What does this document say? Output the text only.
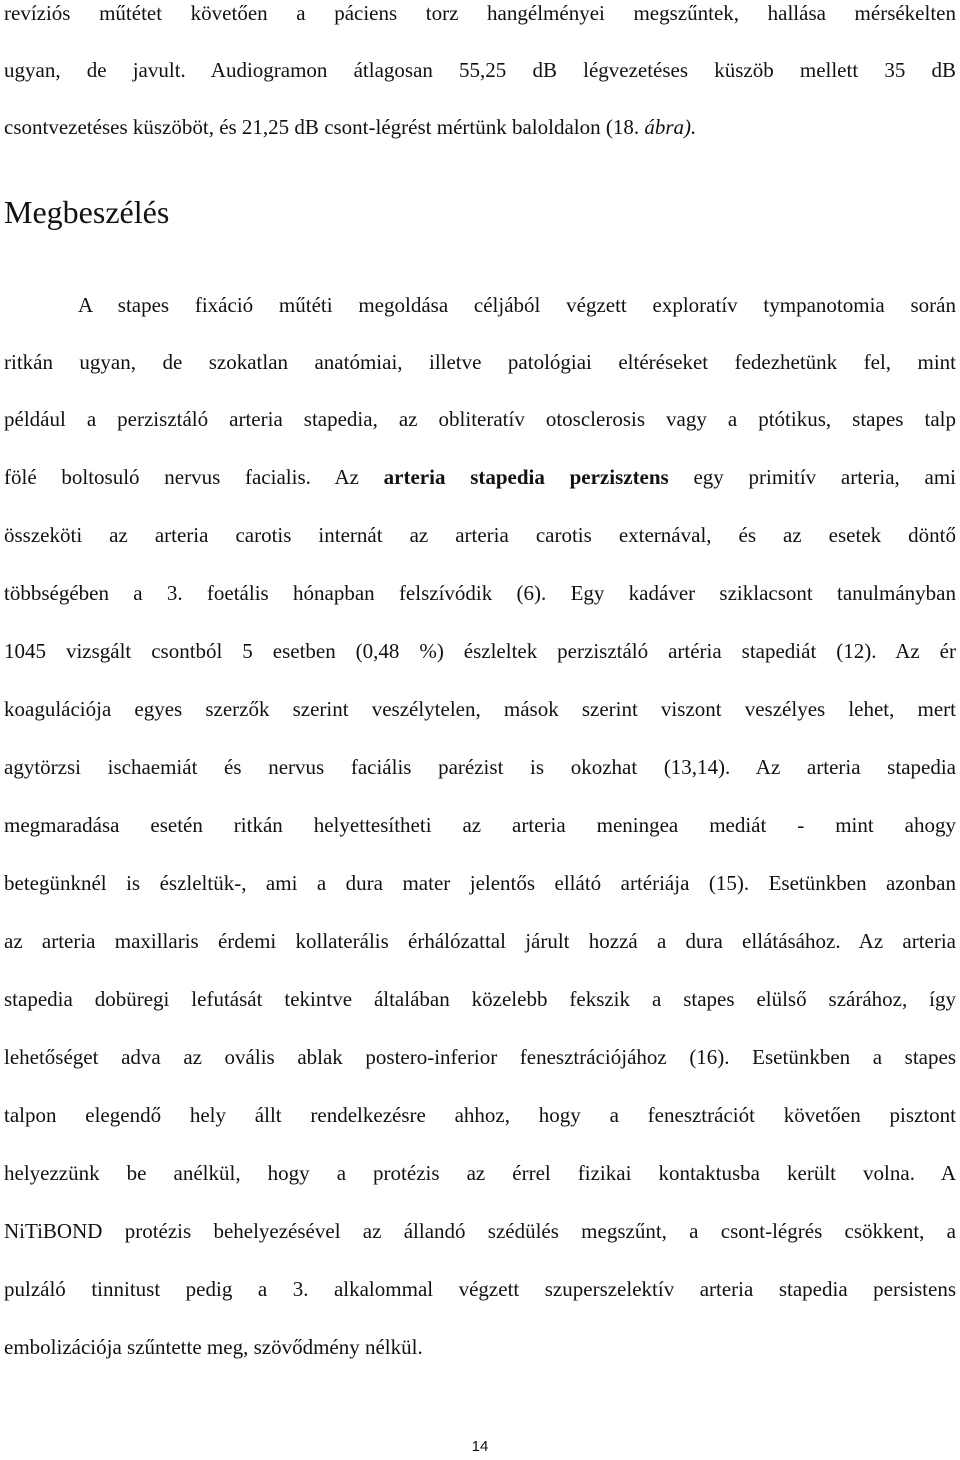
revíziós műtétet követően a páciens torz hangélményei megszűntek, hallása mérsékelten
ugyan, de javult. Audiogramon átlagosan 55,25 dB légvezetéses küszöb mellett 35 dB
csontvezetéses küszöböt, és 21,25 dB csont-légrést mértünk baloldalon (18. ábra).
Megbeszélés
A stapes fixáció műtéti megoldása céljából végzett exploratív tympanotomia során
ritkán ugyan, de szokatlan anatómiai, illetve patológiai eltéréseket fedezhetünk fel, mint
például a perzisztáló arteria stapedia, az obliteratív otosclerosis vagy a ptótikus, stapes talp
fölé boltosuló nervus facialis. Az arteria stapedia perzisztens egy primitív arteria, ami
összeköti az arteria carotis internát az arteria carotis externával, és az esetek döntő
többségében a 3. foetális hónapban felszívódik (6). Egy kadáver sziklacsont tanulmányban
1045 vizsgált csontból 5 esetben (0,48 %) észleltek perzisztáló artéria stapediát (12). Az ér
koagulációja egyes szerzők szerint veszélytelen, mások szerint viszont veszélyes lehet, mert
agytörzsi ischaemiát és nervus faciális parézist is okozhat (13,14). Az arteria stapedia
megmaradása esetén ritkán helyettesítheti az arteria meningea mediát - mint ahogy
betegünknél is észleltük-, ami a dura mater jelentős ellátó artériája (15). Esetünkben azonban
az arteria maxillaris érdemi kollaterális érhálózattal járult hozzá a dura ellátásához. Az arteria
stapedia dobüregi lefutását tekintve általában közelebb fekszik a stapes elülső szárához, így
lehetőséget adva az ovális ablak postero-inferior fenesztrációjához (16). Esetünkben a stapes
talpon elegendő hely állt rendelkezésre ahhoz, hogy a fenesztrációt követően pisztont
helyezzünk be anélkül, hogy a protézis az érrel fizikai kontaktusba került volna. A
NiTiBOND protézis behelyezésével az állandó szédülés megszűnt, a csont-légrés csökkent, a
pulzáló tinnitust pedig a 3. alkalommal végzett szuperszelektív arteria stapedia persistens
embolizációja szűntette meg, szövődmény nélkül.
14
